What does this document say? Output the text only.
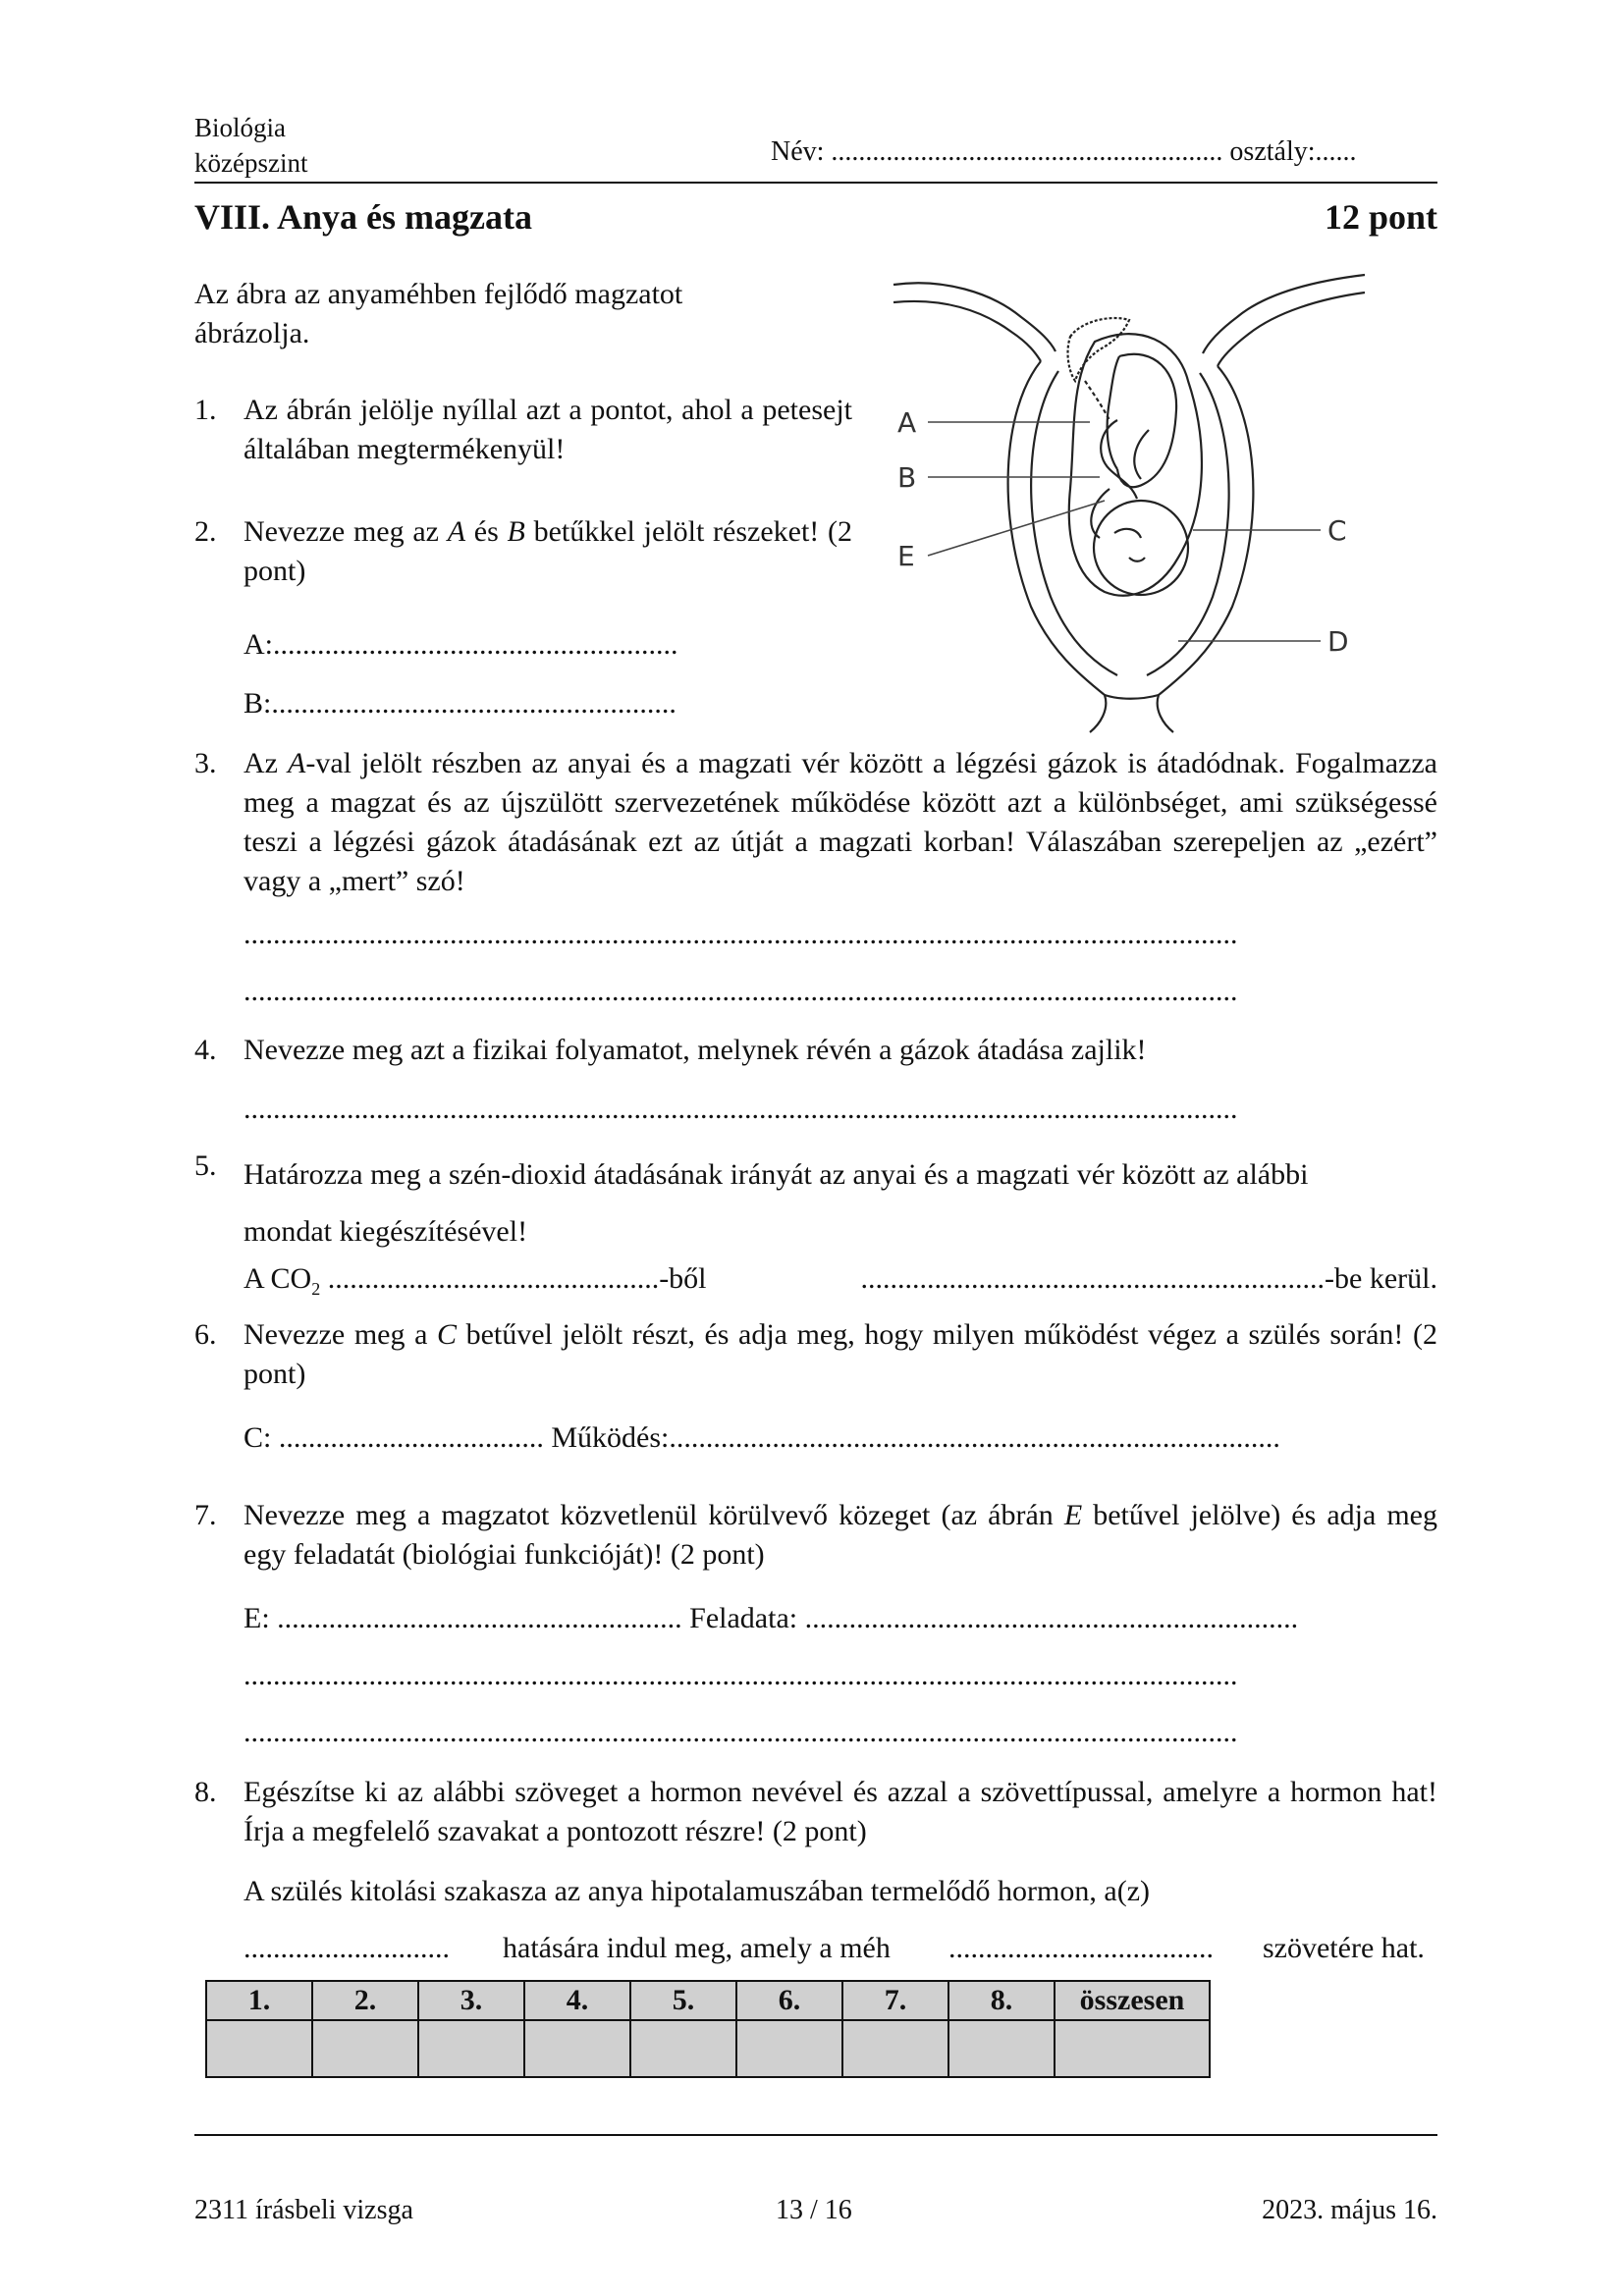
Biológia
középszint	Név: ......................................................... osztály:......
VIII. Anya és magzata	12 pont
Az ábra az anyaméhben fejlődő magzatot ábrázolja.
A
B
C
D
E
1. Az ábrán jelölje nyíllal azt a pontot, ahol a petesejt általában megtermékenyül!
2. Nevezze meg az A és B betűkkel jelölt részeket! (2 pont)
A:.......................................................
B:.......................................................
3. Az A-val jelölt részben az anyai és a magzati vér között a légzési gázok is átadódnak. Fogalmazza meg a magzat és az újszülött szervezetének működése között azt a különbséget, ami szükségessé teszi a légzési gázok átadásának ezt az útját a magzati korban! Válaszában szerepeljen az „ezért” vagy a „mert” szó!
.......................................................................................................................................
.......................................................................................................................................
4. Nevezze meg azt a fizikai folyamatot, melynek révén a gázok átadása zajlik!
.......................................................................................................................................
5. Határozza meg a szén-dioxid átadásának irányát az anyai és a magzati vér között az alábbi
mondat kiegészítésével!
A $CO_2$ .............................................-ből	...............................................................-be kerül.
6. Nevezze meg a C betűvel jelölt részt, és adja meg, hogy milyen működést végez a szülés során! (2 pont)
C: .................................... Működés:...................................................................................
7. Nevezze meg a magzatot közvetlenül körülvevő közeget (az ábrán E betűvel jelölve) és adja meg egy feladatát (biológiai funkcióját)! (2 pont)
E: ....................................................... Feladata: ...................................................................
.......................................................................................................................................
.......................................................................................................................................
8. Egészítse ki az alábbi szöveget a hormon nevével és azzal a szövettípussal, amelyre a hormon hat! Írja a megfelelő szavakat a pontozott részre! (2 pont)
A szülés kitolási szakasza az anya hipotalamuszában termelődő hormon, a(z)
............................ hatására indul meg, amely a méh .................................... szövetére hat.
1.	2.	3.	4.	5.	6.	7.	8.	összesen

2311 írásbeli vizsga	13 / 16	2023. május 16.
